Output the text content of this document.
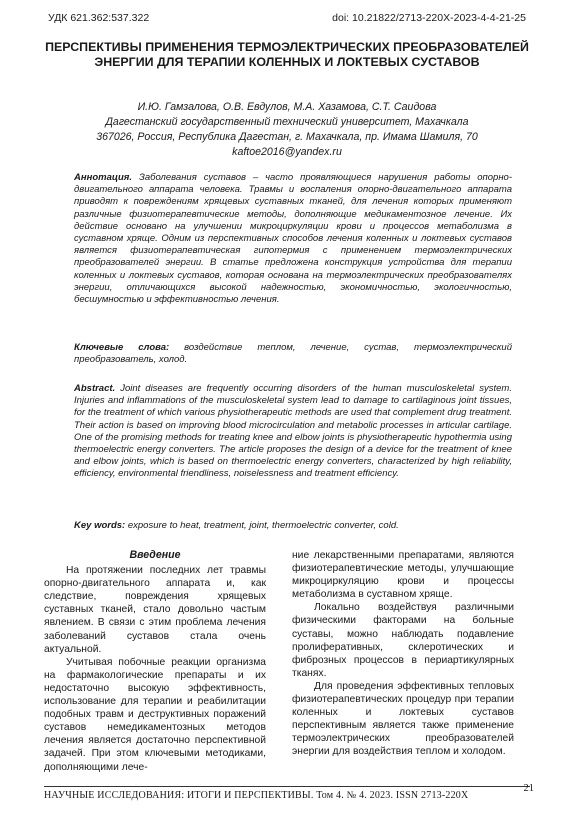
УДК 621.362:537.322	doi: 10.21822/2713-220X-2023-4-4-21-25
ПЕРСПЕКТИВЫ ПРИМЕНЕНИЯ ТЕРМОЭЛЕКТРИЧЕСКИХ ПРЕОБРАЗОВАТЕЛЕЙ ЭНЕРГИИ ДЛЯ ТЕРАПИИ КОЛЕННЫХ И ЛОКТЕВЫХ СУСТАВОВ
И.Ю. Гамзалова, О.В. Евдулов, М.А. Хазамова, С.Т. Саидова
Дагестанский государственный технический университет, Махачкала
367026, Россия, Республика Дагестан, г. Махачкала, пр. Имама Шамиля, 70
kaftoe2016@yandex.ru
Аннотация. Заболевания суставов – часто проявляющиеся нарушения работы опорно-двигательного аппарата человека. Травмы и воспаления опорно-двигательного аппарата приводят к повреждениям хрящевых суставных тканей, для лечения которых применяют различные физиотерапевтические методы, дополняющие медикаментозное лечение. Их действие основано на улучшении микроциркуляции крови и процессов метаболизма в суставном хряще. Одним из перспективных способов лечения коленных и локтевых суставов является физиотерапевтическая гипотермия с применением термоэлектрических преобразователей энергии. В статье предложена конструкция устройства для терапии коленных и локтевых суставов, которая основана на термоэлектрических преобразователях энергии, отличающихся высокой надежностью, экономичностью, экологичностью, бесшумностью и эффективностью лечения.
Ключевые слова: воздействие теплом, лечение, сустав, термоэлектрический преобразователь, холод.
Abstract. Joint diseases are frequently occurring disorders of the human musculoskeletal system. Injuries and inflammations of the musculoskeletal system lead to damage to cartilaginous joint tissues, for the treatment of which various physiotherapeutic methods are used that complement drug treatment. Their action is based on improving blood microcirculation and metabolic processes in articular cartilage. One of the promising methods for treating knee and elbow joints is physiotherapeutic hypothermia using thermoelectric energy converters. The article proposes the design of a device for the treatment of knee and elbow joints, which is based on thermoelectric energy converters, characterized by high reliability, efficiency, environmental friendliness, noiselessness and treatment efficiency.
Key words: exposure to heat, treatment, joint, thermoelectric converter, cold.
Введение

На протяжении последних лет травмы опорно-двигательного аппарата и, как следствие, повреждения хрящевых суставных тканей, стало довольно частым явлением. В связи с этим проблема лечения заболеваний суставов стала очень актуальной.

Учитывая побочные реакции организма на фармакологические препараты и их недостаточно высокую эффективность, использование для терапии и реабилитации подобных травм и деструктивных поражений суставов немедикаментозных методов лечения является достаточно перспективной задачей. При этом ключевыми методиками, дополняющими лече-

ние лекарственными препаратами, являются физиотерапевтические методы, улучшающие микроциркуляцию крови и процессы метаболизма в суставном хряще.

Локально воздействуя различными физическими факторами на больные суставы, можно наблюдать подавление пролиферативных, склеротических и фиброзных процессов в периартикулярных тканях.

Для проведения эффективных тепловых физиотерапевтических процедур при терапии коленных и локтевых суставов перспективным является также применение термоэлектрических преобразователей энергии для воздействия теплом и холодом.

НАУЧНЫЕ ИССЛЕДОВАНИЯ: ИТОГИ И ПЕРСПЕКТИВЫ. Том 4. № 4. 2023. ISSN 2713-220X
21
